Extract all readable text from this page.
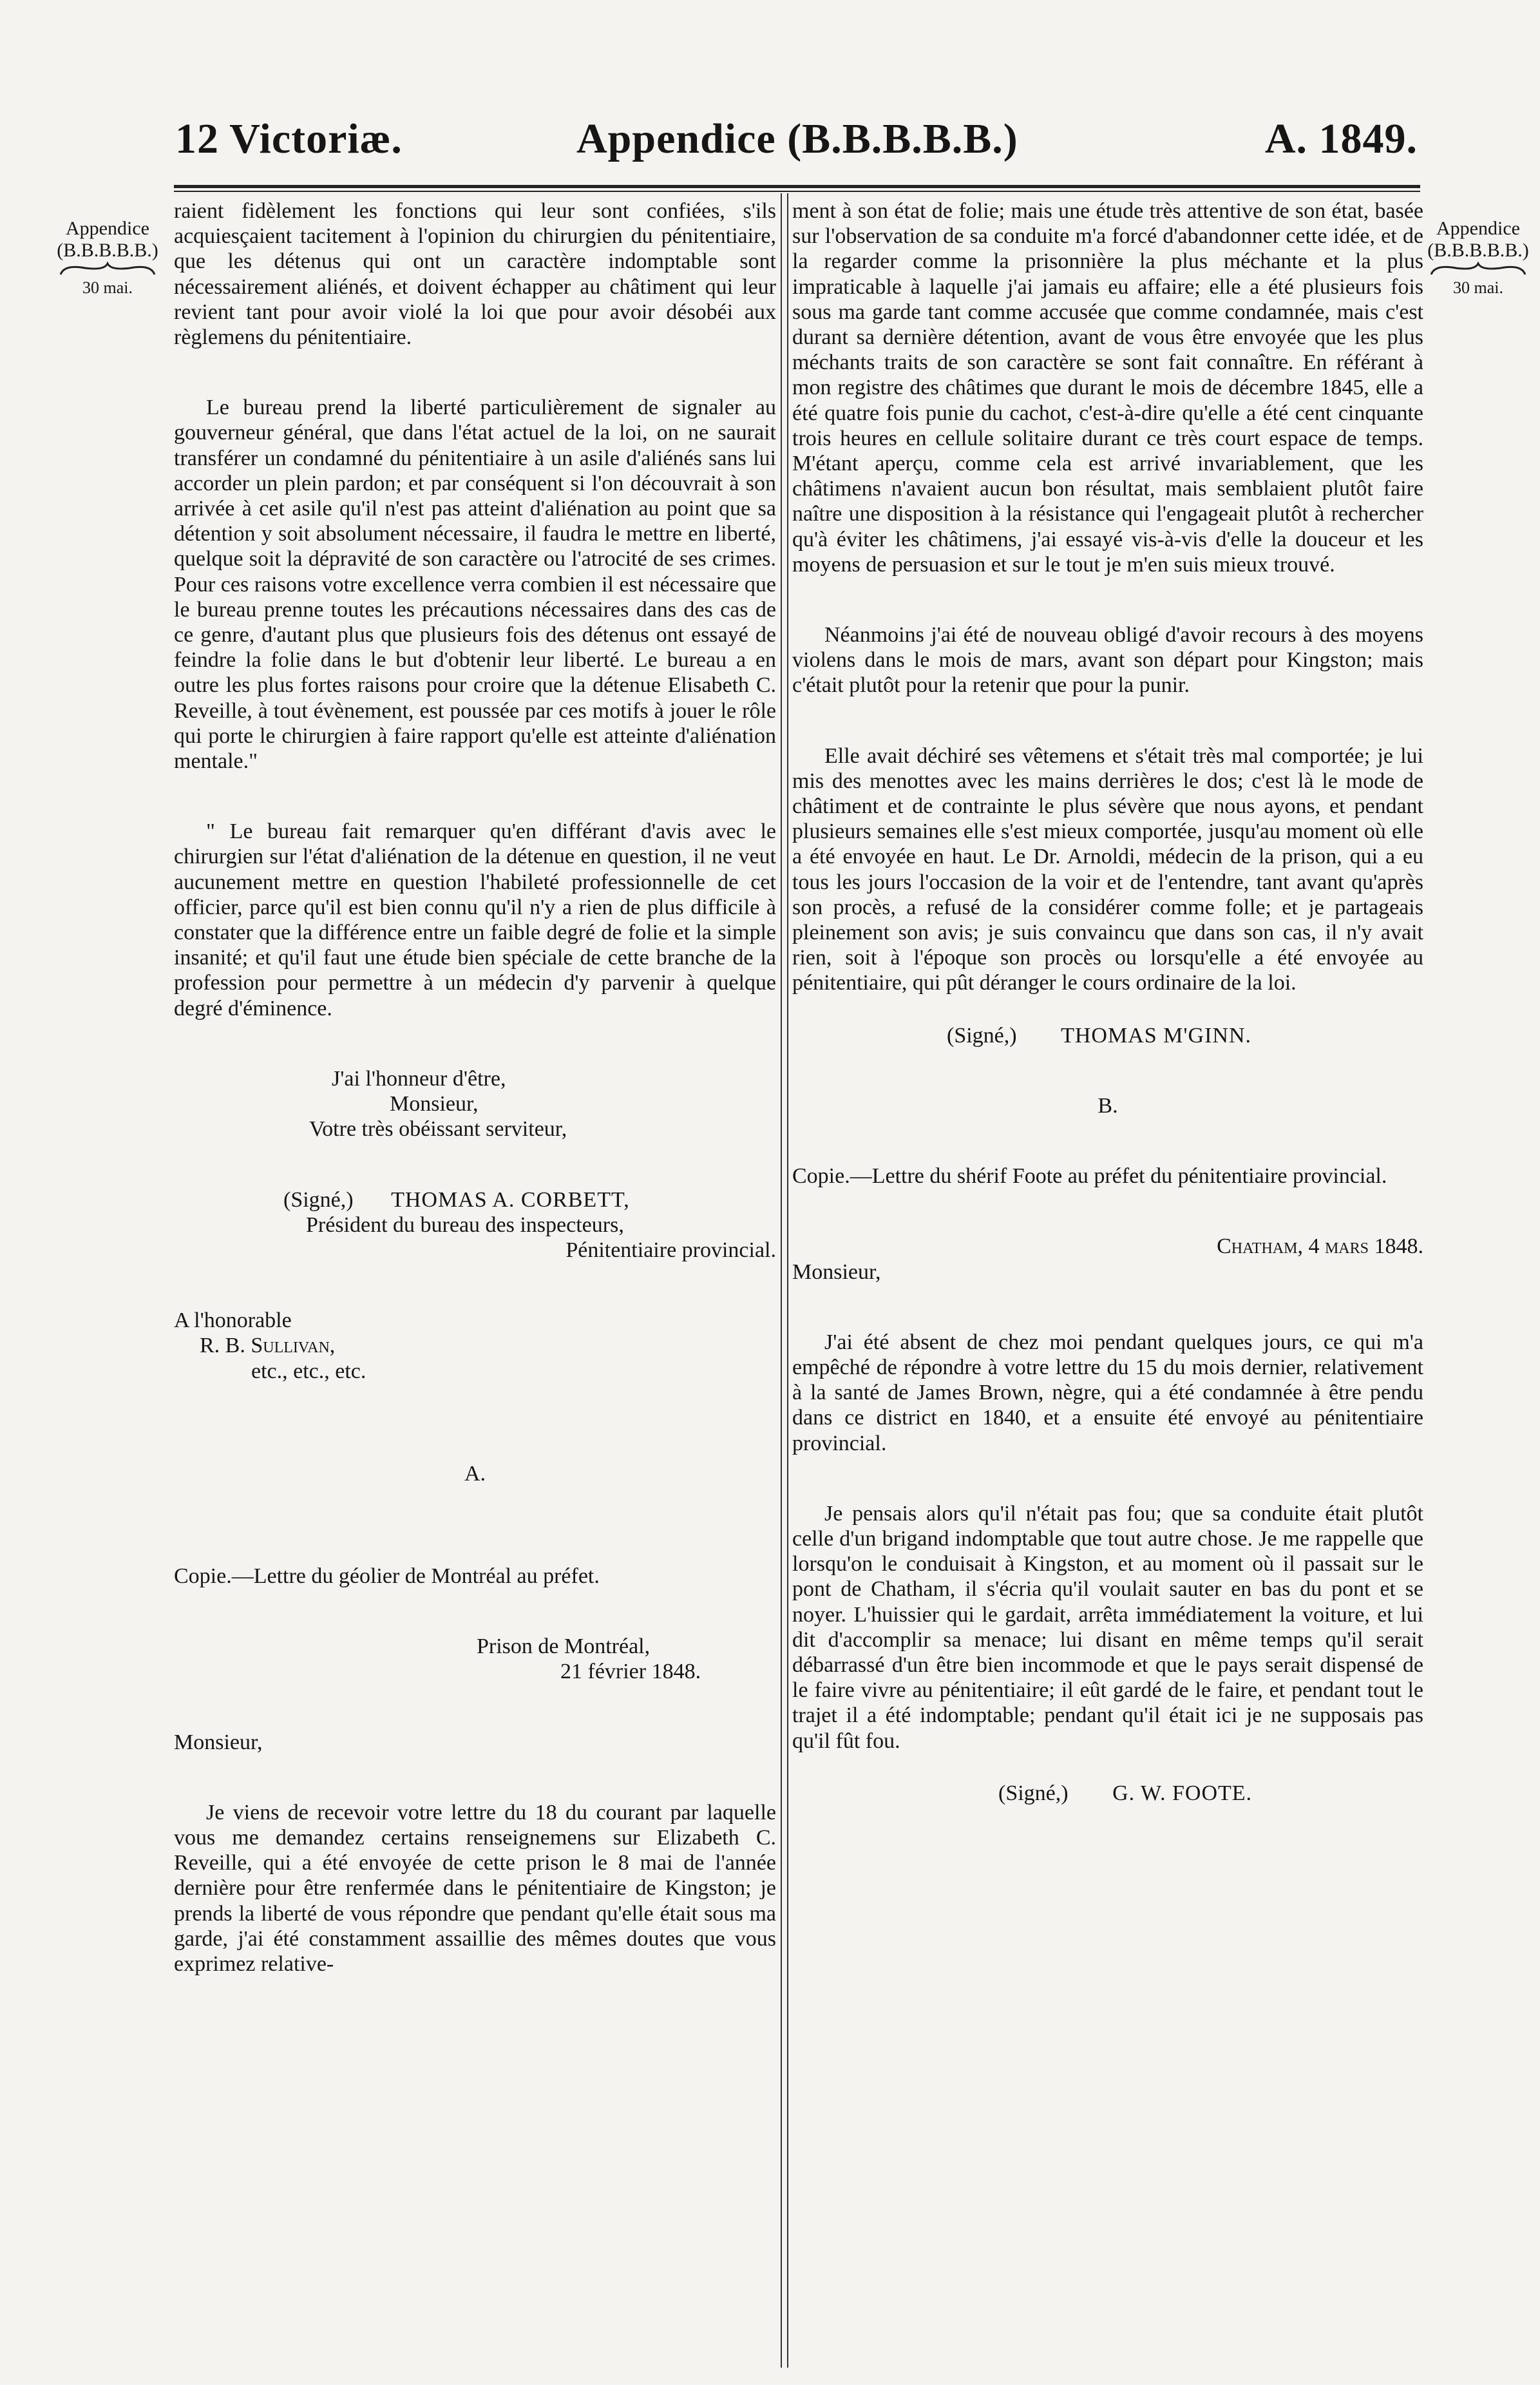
12 Victoriæ.	Appendice (B.B.B.B.B.)	A. 1849.
Appendice
(B.B.B.B.B.)
30 mai.
Appendice
(B.B.B.B.B.)
30 mai.

raient fidèlement les fonctions qui leur sont confiées, s'ils acquiesçaient tacitement à l'opinion du chirurgien du pénitentiaire, que les détenus qui ont un caractère indomptable sont nécessairement aliénés, et doivent échapper au châtiment qui leur revient tant pour avoir violé la loi que pour avoir désobéi aux règlemens du pénitentiaire.

Le bureau prend la liberté particulièrement de signaler au gouverneur général, que dans l'état actuel de la loi, on ne saurait transférer un condamné du pénitentiaire à un asile d'aliénés sans lui accorder un plein pardon; et par conséquent si l'on découvrait à son arrivée à cet asile qu'il n'est pas atteint d'aliénation au point que sa détention y soit absolument nécessaire, il faudra le mettre en liberté, quelque soit la dépravité de son caractère ou l'atrocité de ses crimes. Pour ces raisons votre excellence verra combien il est nécessaire que le bureau prenne toutes les précautions nécessaires dans des cas de ce genre, d'autant plus que plusieurs fois des détenus ont essayé de feindre la folie dans le but d'obtenir leur liberté. Le bureau a en outre les plus fortes raisons pour croire que la détenue Elisabeth C. Reveille, à tout évènement, est poussée par ces motifs à jouer le rôle qui porte le chirurgien à faire rapport qu'elle est atteinte d'aliénation mentale."

" Le bureau fait remarquer qu'en différant d'avis avec le chirurgien sur l'état d'aliénation de la détenue en question, il ne veut aucunement mettre en question l'habileté professionnelle de cet officier, parce qu'il est bien connu qu'il n'y a rien de plus difficile à constater que la différence entre un faible degré de folie et la simple insanité; et qu'il faut une étude bien spéciale de cette branche de la profession pour permettre à un médecin d'y parvenir à quelque degré d'éminence.

J'ai l'honneur d'être,
Monsieur,
Votre très obéissant serviteur,
(Signé,) THOMAS A. CORBETT,
Président du bureau des inspecteurs,
Pénitentiaire provincial.
A l'honorable
R. B. Sullivan,
etc., etc., etc.
A.
Copie.—Lettre du géolier de Montréal au préfet.
Prison de Montréal,
21 février 1848.
Monsieur,

Je viens de recevoir votre lettre du 18 du courant par laquelle vous me demandez certains renseignemens sur Elizabeth C. Reveille, qui a été envoyée de cette prison le 8 mai de l'année dernière pour être renfermée dans le pénitentiaire de Kingston; je prends la liberté de vous répondre que pendant qu'elle était sous ma garde, j'ai été constamment assaillie des mêmes doutes que vous exprimez relative-

ment à son état de folie; mais une étude très attentive de son état, basée sur l'observation de sa conduite m'a forcé d'abandonner cette idée, et de la regarder comme la prisonnière la plus méchante et la plus impraticable à laquelle j'ai jamais eu affaire; elle a été plusieurs fois sous ma garde tant comme accusée que comme condamnée, mais c'est durant sa dernière détention, avant de vous être envoyée que les plus méchants traits de son caractère se sont fait connaître. En référant à mon registre des châtimes que durant le mois de décembre 1845, elle a été quatre fois punie du cachot, c'est-à-dire qu'elle a été cent cinquante trois heures en cellule solitaire durant ce très court espace de temps. M'étant aperçu, comme cela est arrivé invariablement, que les châtimens n'avaient aucun bon résultat, mais semblaient plutôt faire naître une disposition à la résistance qui l'engageait plutôt à rechercher qu'à éviter les châtimens, j'ai essayé vis-à-vis d'elle la douceur et les moyens de persuasion et sur le tout je m'en suis mieux trouvé.

Néanmoins j'ai été de nouveau obligé d'avoir recours à des moyens violens dans le mois de mars, avant son départ pour Kingston; mais c'était plutôt pour la retenir que pour la punir.

Elle avait déchiré ses vêtemens et s'était très mal comportée; je lui mis des menottes avec les mains derrières le dos; c'est là le mode de châtiment et de contrainte le plus sévère que nous ayons, et pendant plusieurs semaines elle s'est mieux comportée, jusqu'au moment où elle a été envoyée en haut. Le Dr. Arnoldi, médecin de la prison, qui a eu tous les jours l'occasion de la voir et de l'entendre, tant avant qu'après son procès, a refusé de la considérer comme folle; et je partageais pleinement son avis; je suis convaincu que dans son cas, il n'y avait rien, soit à l'époque son procès ou lorsqu'elle a été envoyée au pénitentiaire, qui pût déranger le cours ordinaire de la loi.

(Signé,) THOMAS M'GINN.
B.

Copie.—Lettre du shérif Foote au préfet du pénitentiaire provincial.

Chatham, 4 mars 1848.
Monsieur,

J'ai été absent de chez moi pendant quelques jours, ce qui m'a empêché de répondre à votre lettre du 15 du mois dernier, relativement à la santé de James Brown, nègre, qui a été condamnée à être pendu dans ce district en 1840, et a ensuite été envoyé au pénitentiaire provincial.

Je pensais alors qu'il n'était pas fou; que sa conduite était plutôt celle d'un brigand indomptable que tout autre chose. Je me rappelle que lorsqu'on le conduisait à Kingston, et au moment où il passait sur le pont de Chatham, il s'écria qu'il voulait sauter en bas du pont et se noyer. L'huissier qui le gardait, arrêta immédiatement la voiture, et lui dit d'accomplir sa menace; lui disant en même temps qu'il serait débarrassé d'un être bien incommode et que le pays serait dispensé de le faire vivre au pénitentiaire; il eût gardé de le faire, et pendant tout le trajet il a été indomptable; pendant qu'il était ici je ne supposais pas qu'il fût fou.

(Signé,) G. W. FOOTE.
